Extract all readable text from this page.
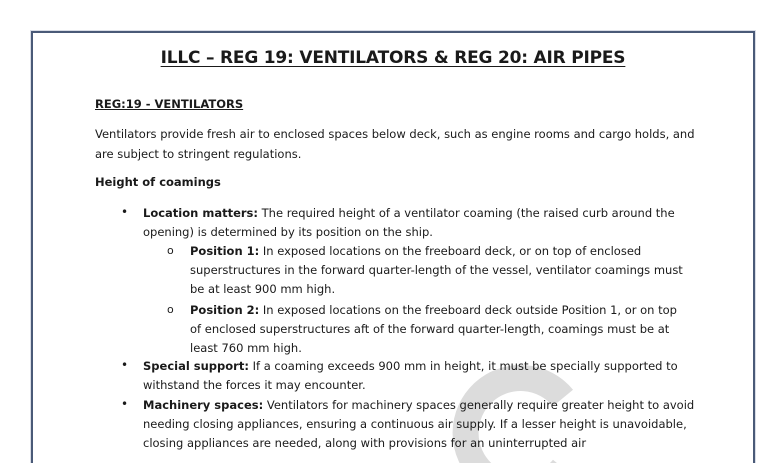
ILLC – REG 19: VENTILATORS & REG 20: AIR PIPES
REG:19 - VENTILATORS
Ventilators provide fresh air to enclosed spaces below deck, such as engine rooms and cargo holds, and are subject to stringent regulations.
Height of coamings
• Location matters: The required height of a ventilator coaming (the raised curb around the opening) is determined by its position on the ship.
o Position 1: In exposed locations on the freeboard deck, or on top of enclosed superstructures in the forward quarter-length of the vessel, ventilator coamings must be at least 900 mm high.
o Position 2: In exposed locations on the freeboard deck outside Position 1, or on top of enclosed superstructures aft of the forward quarter-length, coamings must be at least 760 mm high.
• Special support: If a coaming exceeds 900 mm in height, it must be specially supported to withstand the forces it may encounter.
• Machinery spaces: Ventilators for machinery spaces generally require greater height to avoid needing closing appliances, ensuring a continuous air supply. If a lesser height is unavoidable, closing appliances are needed, along with provisions for an uninterrupted air
